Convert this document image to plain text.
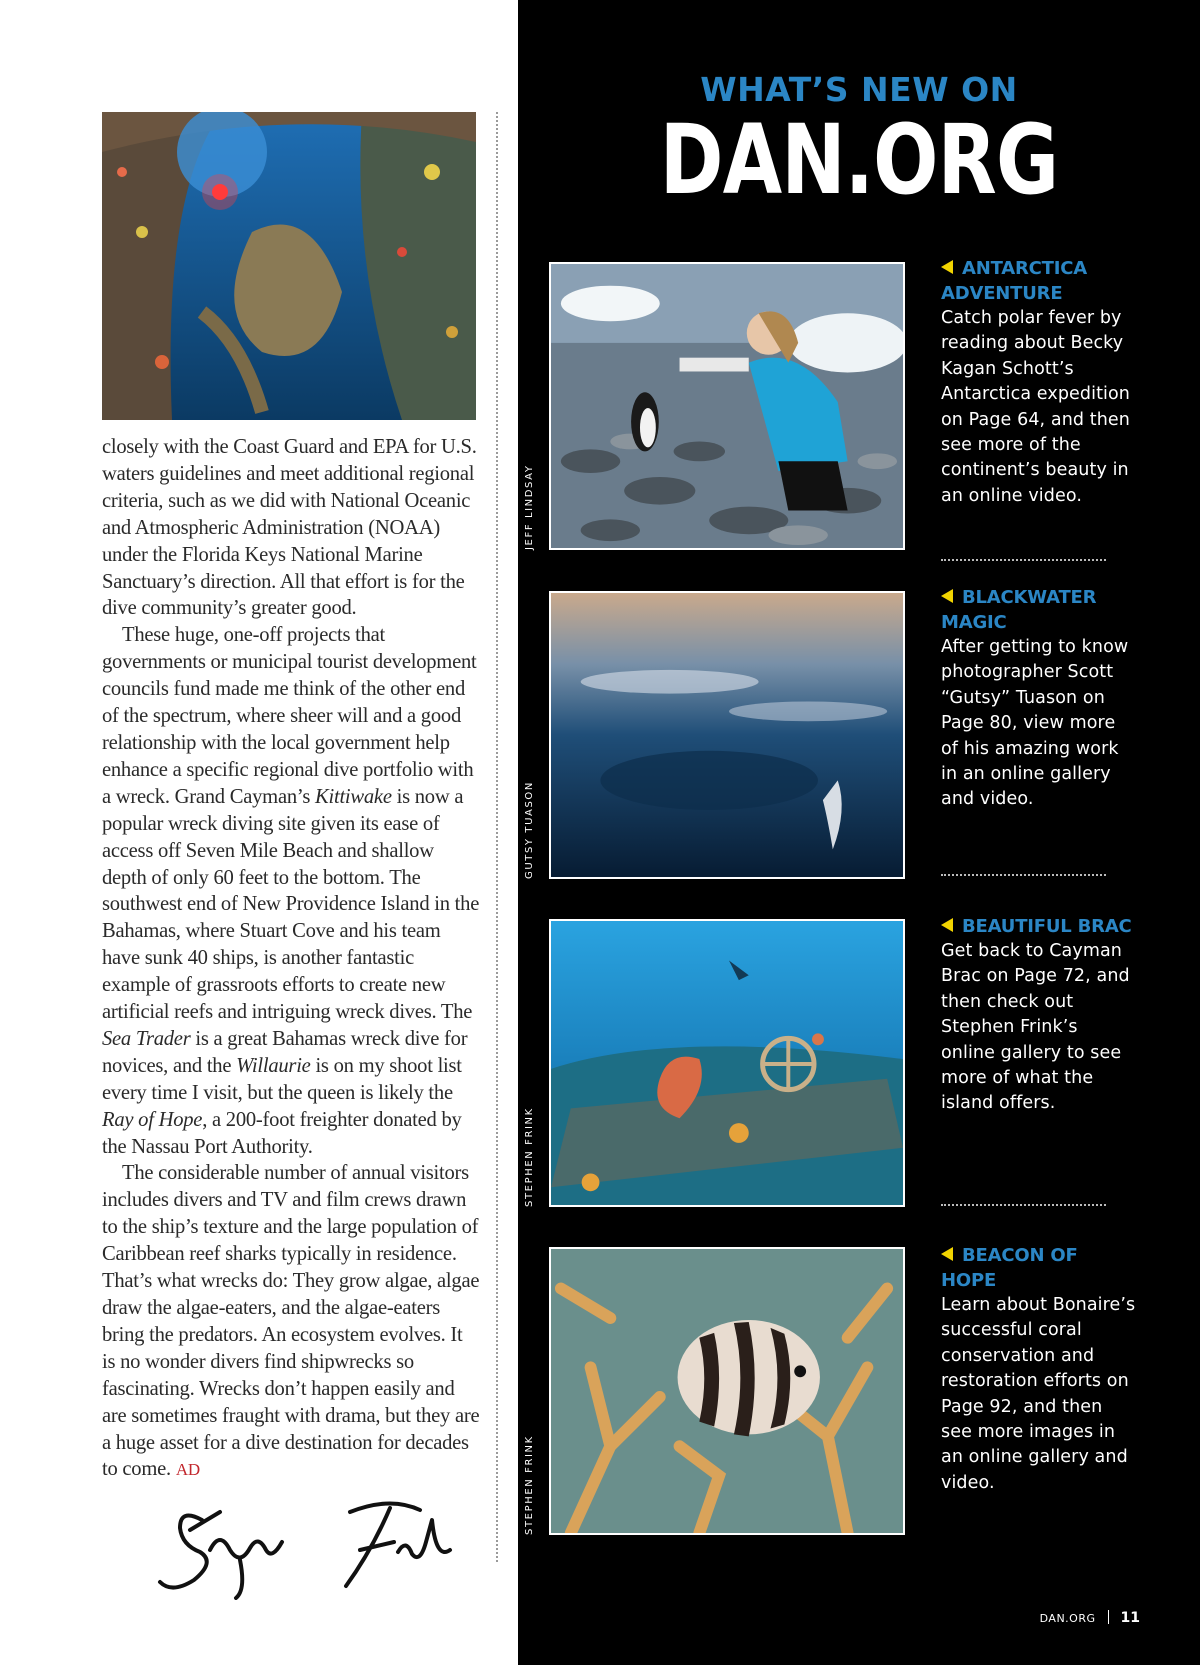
closely with the Coast Guard and EPA for U.S. waters guidelines and meet additional regional criteria, such as we did with National Oceanic and Atmospheric Administration (NOAA) under the Florida Keys National Marine Sanctuary’s direction. All that effort is for the dive community’s greater good.

These huge, one-off projects that governments or municipal tourist development councils fund made me think of the other end of the spectrum, where sheer will and a good relationship with the local government help enhance a specific regional dive portfolio with a wreck. Grand Cayman’s Kittiwake is now a popular wreck diving site given its ease of access off Seven Mile Beach and shallow depth of only 60 feet to the bottom. The southwest end of New Providence Island in the Bahamas, where Stuart Cove and his team have sunk 40 ships, is another fantastic example of grassroots efforts to create new artificial reefs and intriguing wreck dives. The Sea Trader is a great Bahamas wreck dive for novices, and the Willaurie is on my shoot list every time I visit, but the queen is likely the Ray of Hope, a 200-foot freighter donated by the Nassau Port Authority.

The considerable number of annual visitors includes divers and TV and film crews drawn to the ship’s texture and the large population of Caribbean reef sharks typically in residence. That’s what wrecks do: They grow algae, algae draw the algae-eaters, and the algae-eaters bring the predators. An ecosystem evolves. It is no wonder divers find shipwrecks so fascinating. Wrecks don’t happen easily and are sometimes fraught with drama, but they are a huge asset for a dive destination for decades to come. AD

WHAT’S NEW ON
DAN.ORG
JEFF LINDSAY
ANTARCTICA ADVENTURE
Catch polar fever by reading about Becky Kagan Schott’s Antarctica expedition on Page 64, and then see more of the continent’s beauty in an online video.
GUTSY TUASON
BLACKWATER MAGIC
After getting to know photographer Scott “Gutsy” Tuason on Page 80, view more of his amazing work in an online gallery and video.
STEPHEN FRINK
BEAUTIFUL BRAC
Get back to Cayman Brac on Page 72, and then check out Stephen Frink’s online gallery to see more of what the island offers.
STEPHEN FRINK
BEACON OF HOPE
Learn about Bonaire’s successful coral conservation and restoration efforts on Page 92, and then see more images in an online gallery and video.
DAN.ORG 11
